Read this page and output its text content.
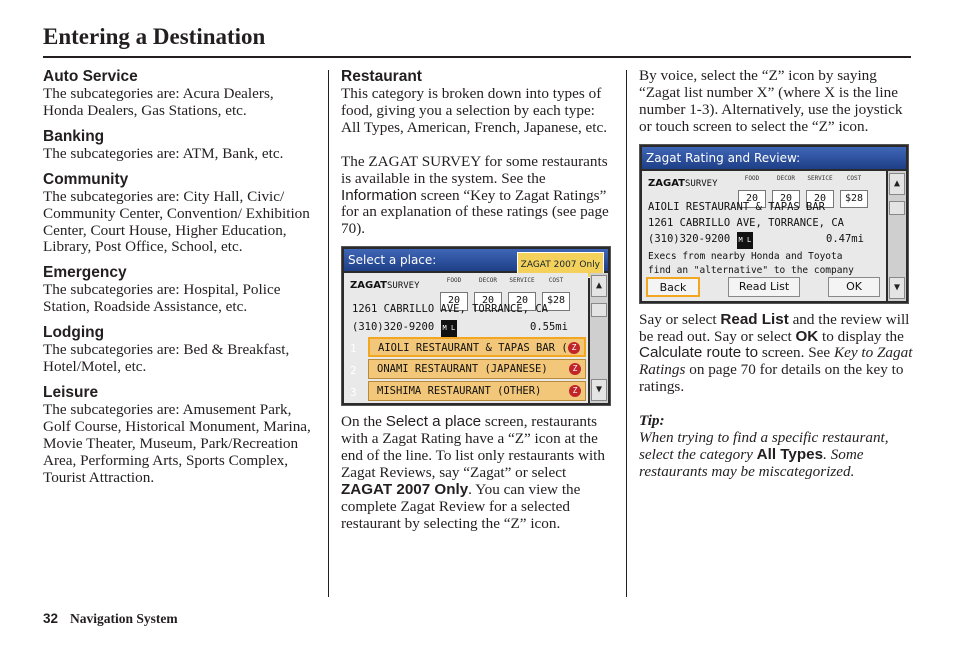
Entering a Destination
Auto Service
The subcategories are: Acura Dealers, Honda Dealers, Gas Stations, etc.
Banking
The subcategories are: ATM, Bank, etc.
Community
The subcategories are: City Hall, Civic/ Community Center, Convention/ Exhibition Center, Court House, Higher Education, Library, Post Office, School, etc.
Emergency
The subcategories are: Hospital, Police Station, Roadside Assistance, etc.
Lodging
The subcategories are: Bed & Breakfast, Hotel/Motel, etc.
Leisure
The subcategories are: Amusement Park, Golf Course, Historical Monument, Marina, Movie Theater, Museum, Park/Recreation Area, Performing Arts, Sports Complex, Tourist Attraction.
Restaurant
This category is broken down into types of food, giving you a selection by each type: All Types, American, French, Japanese, etc.
The ZAGAT SURVEY for some restaurants is available in the system. See the Information screen “Key to Zagat Ratings” for an explanation of these ratings (see page 70).
Select a place:	ZAGAT 2007 Only
ZAGATSURVEY
FOOD
20
DECOR
20
SERVICE
20
COST
$28
1261 CABRILLO AVE, TORRANCE, CA
(310)320-9200 M L	0.55mi
1	AIOLI RESTAURANT & TAPAS BAR ( Z
2	ONAMI RESTAURANT (JAPANESE)	Z
3	MISHIMA RESTAURANT (OTHER)	Z
▲
▼
On the Select a place screen, restaurants with a Zagat Rating have a “Z” icon at the end of the line. To list only restaurants with Zagat Reviews, say “Zagat” or select ZAGAT 2007 Only. You can view the complete Zagat Review for a selected restaurant by selecting the “Z” icon.
By voice, select the “Z” icon by saying “Zagat list number X” (where X is the line number 1-3). Alternatively, use the joystick or touch screen to select the “Z” icon.
Zagat Rating and Review:
ZAGATSURVEY
FOOD
20
DECOR
20
SERVICE
20
COST
$28
AIOLI RESTAURANT & TAPAS BAR
1261 CABRILLO AVE, TORRANCE, CA
(310)320-9200 M L	0.47mi
Execs from nearby Honda and Toyota
find an "alternative" to the company
Back	Read List	OK
▲
▼
Say or select Read List and the review will be read out. Say or select OK to display the Calculate route to screen. See Key to Zagat Ratings on page 70 for details on the key to ratings.
Tip:
When trying to find a specific restaurant, select the category All Types. Some restaurants may be miscategorized.
32 Navigation System
